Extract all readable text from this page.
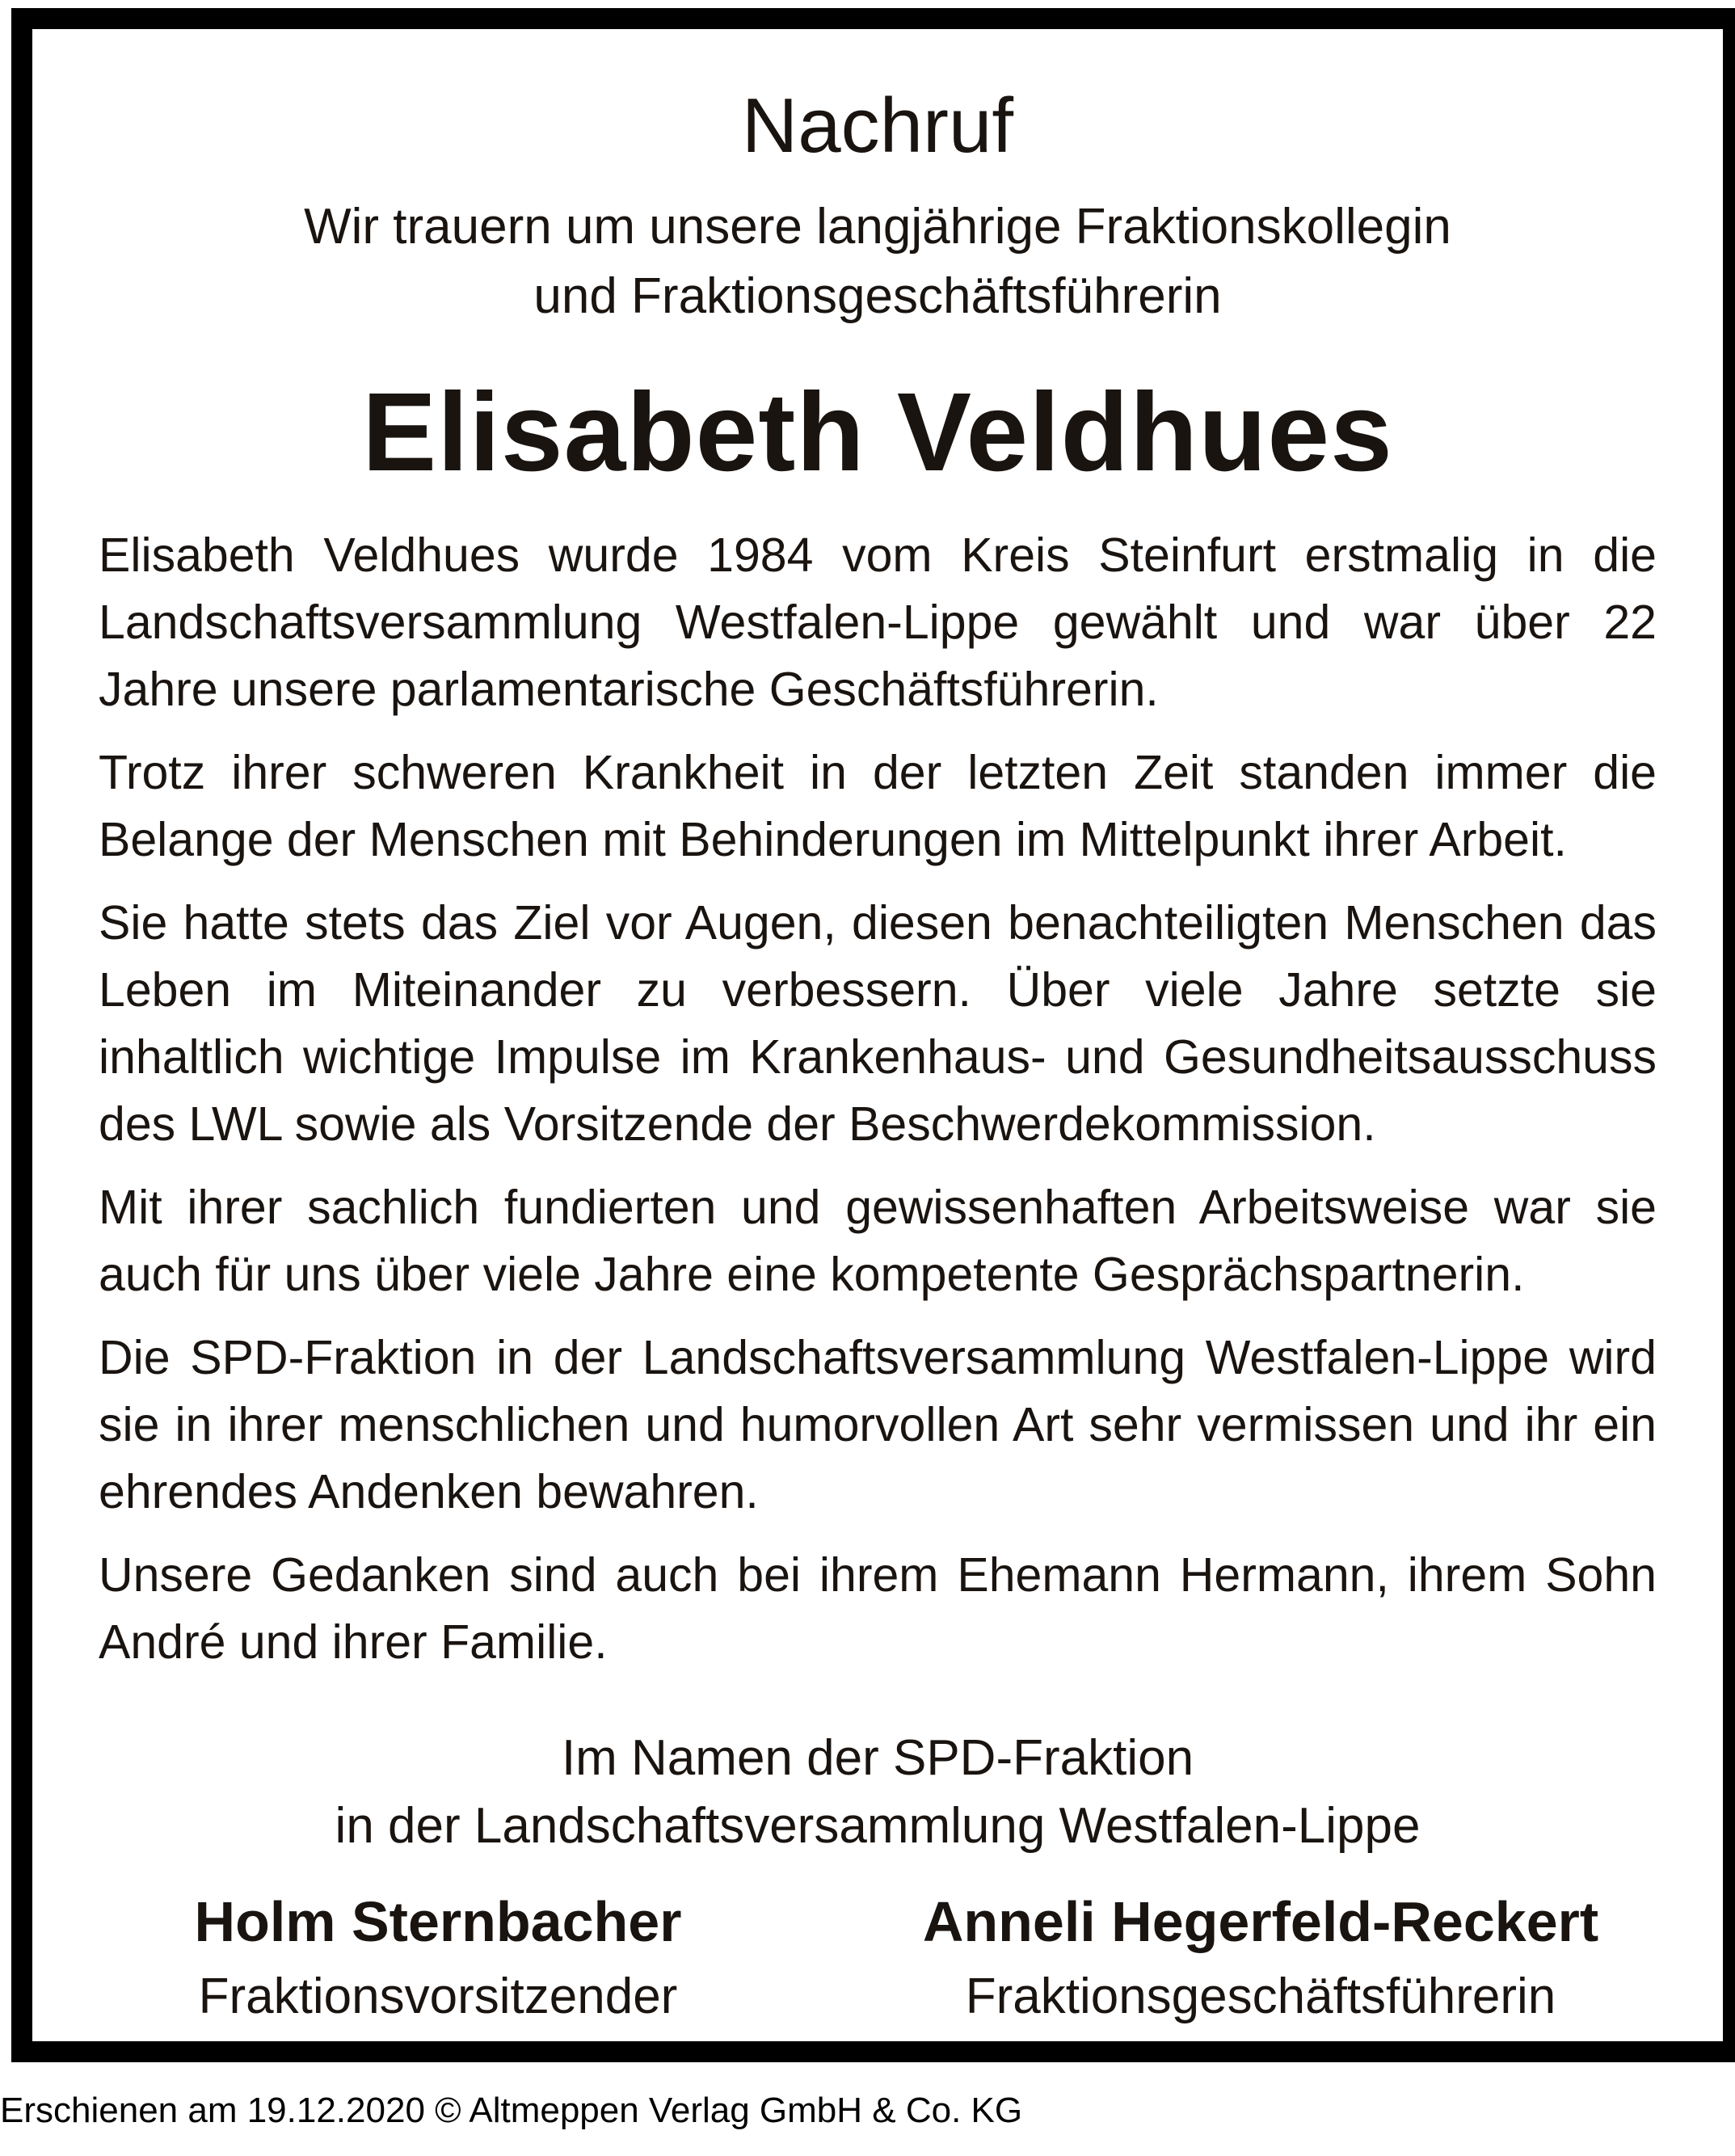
Nachruf
Wir trauern um unsere langjährige Fraktionskollegin
und Fraktionsgeschäftsführerin
Elisabeth Veldhues

Elisabeth Veldhues wurde 1984 vom Kreis Steinfurt erstmalig in die Landschaftsversammlung Westfalen-Lippe gewählt und war über 22 Jahre unsere parlamentarische Geschäftsführerin.

Trotz ihrer schweren Krankheit in der letzten Zeit standen immer die Belange der Menschen mit Behinderungen im Mittelpunkt ihrer Arbeit.

Sie hatte stets das Ziel vor Augen, diesen benachteiligten Menschen das Leben im Miteinander zu verbessern. Über viele Jahre setzte sie inhaltlich wichtige Impulse im Krankenhaus- und Gesundheitsausschuss des LWL sowie als Vorsitzende der Beschwerdekommission.

Mit ihrer sachlich fundierten und gewissenhaften Arbeitsweise war sie auch für uns über viele Jahre eine kompetente Gesprächspartnerin.

Die SPD-Fraktion in der Landschaftsversammlung Westfalen-Lippe wird sie in ihrer menschlichen und humorvollen Art sehr vermissen und ihr ein ehrendes Andenken bewahren.

Unsere Gedanken sind auch bei ihrem Ehemann Hermann, ihrem Sohn André und ihrer Familie.

Im Namen der SPD-Fraktion
in der Landschaftsversammlung Westfalen-Lippe
Holm Sternbacher
Fraktionsvorsitzender
Anneli Hegerfeld-Reckert
Fraktionsgeschäftsführerin
Erschienen am 19.12.2020 © Altmeppen Verlag GmbH & Co. KG
